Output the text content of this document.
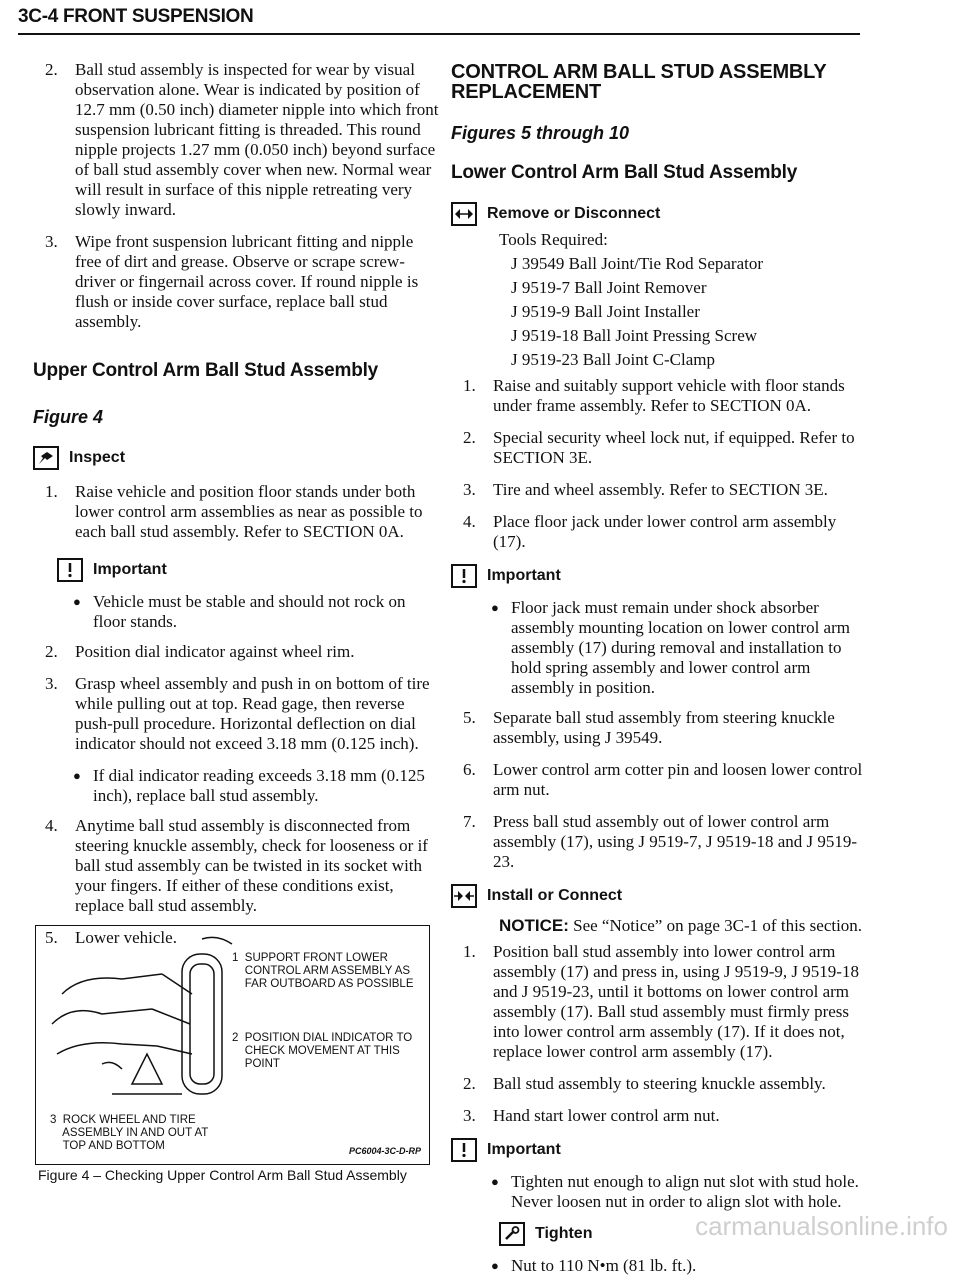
3C-4 FRONT SUSPENSION
2. Ball stud assembly is inspected for wear by visual observation alone. Wear is indicated by position of 12.7 mm (0.50 inch) diameter nipple into which front suspension lubricant fitting is threaded. This round nipple projects 1.27 mm (0.050 inch) beyond surface of ball stud assembly cover when new. Normal wear will result in surface of this nipple retreating very slowly inward.

3. Wipe front suspension lubricant fitting and nipple free of dirt and grease. Observe or scrape screw-driver or fingernail across cover. If round nipple is flush or inside cover surface, replace ball stud assembly.

Upper Control Arm Ball Stud Assembly
Figure 4
Inspect
1. Raise vehicle and position floor stands under both lower control arm assemblies as near as possible to each ball stud assembly. Refer to SECTION 0A.

Important
● Vehicle must be stable and should not rock on floor stands.
2. Position dial indicator against wheel rim.

3. Grasp wheel assembly and push in on bottom of tire while pulling out at top. Read gage, then reverse push-pull procedure. Horizontal deflection on dial indicator should not exceed 3.18 mm (0.125 inch).

● If dial indicator reading exceeds 3.18 mm (0.125 inch), replace ball stud assembly.
4. Anytime ball stud assembly is disconnected from steering knuckle assembly, check for looseness or if ball stud assembly can be twisted in its socket with your fingers. If either of these conditions exist, replace ball stud assembly.

5. Lower vehicle.

1  SUPPORT FRONT LOWER
CONTROL ARM ASSEMBLY AS
FAR OUTBOARD AS POSSIBLE
2  POSITION DIAL INDICATOR TO
CHECK MOVEMENT AT THIS
POINT
3  ROCK WHEEL AND TIRE
ASSEMBLY IN AND OUT AT
TOP AND BOTTOM	PC6004-3C-D-RP
Figure 4 – Checking Upper Control Arm Ball Stud Assembly
CONTROL ARM BALL STUD ASSEMBLY REPLACEMENT
Figures 5 through 10
Lower Control Arm Ball Stud Assembly
Remove or Disconnect
Tools Required:
J 39549 Ball Joint/Tie Rod Separator
J 9519-7 Ball Joint Remover
J 9519-9 Ball Joint Installer
J 9519-18 Ball Joint Pressing Screw
J 9519-23 Ball Joint C-Clamp
1. Raise and suitably support vehicle with floor stands under frame assembly. Refer to SECTION 0A.

2. Special security wheel lock nut, if equipped. Refer to SECTION 3E.

3. Tire and wheel assembly. Refer to SECTION 3E.

4. Place floor jack under lower control arm assembly (17).

Important
● Floor jack must remain under shock absorber assembly mounting location on lower control arm assembly (17) during removal and installation to hold spring assembly and lower control arm assembly in position.
5. Separate ball stud assembly from steering knuckle assembly, using J 39549.

6. Lower control arm cotter pin and loosen lower control arm nut.

7. Press ball stud assembly out of lower control arm assembly (17), using J 9519-7, J 9519-18 and J 9519-23.

Install or Connect

NOTICE: See “Notice” on page 3C-1 of this section.

1. Position ball stud assembly into lower control arm assembly (17) and press in, using J 9519-9, J 9519-18 and J 9519-23, until it bottoms on lower control arm assembly (17). Ball stud assembly must firmly press into lower control arm assembly (17). If it does not, replace lower control arm assembly (17).

2. Ball stud assembly to steering knuckle assembly.

3. Hand start lower control arm nut.

Important
● Tighten nut enough to align nut slot with stud hole. Never loosen nut in order to align slot with hole.
Tighten
● Nut to 110 N•m (81 lb. ft.).
carmanualsonline.info
